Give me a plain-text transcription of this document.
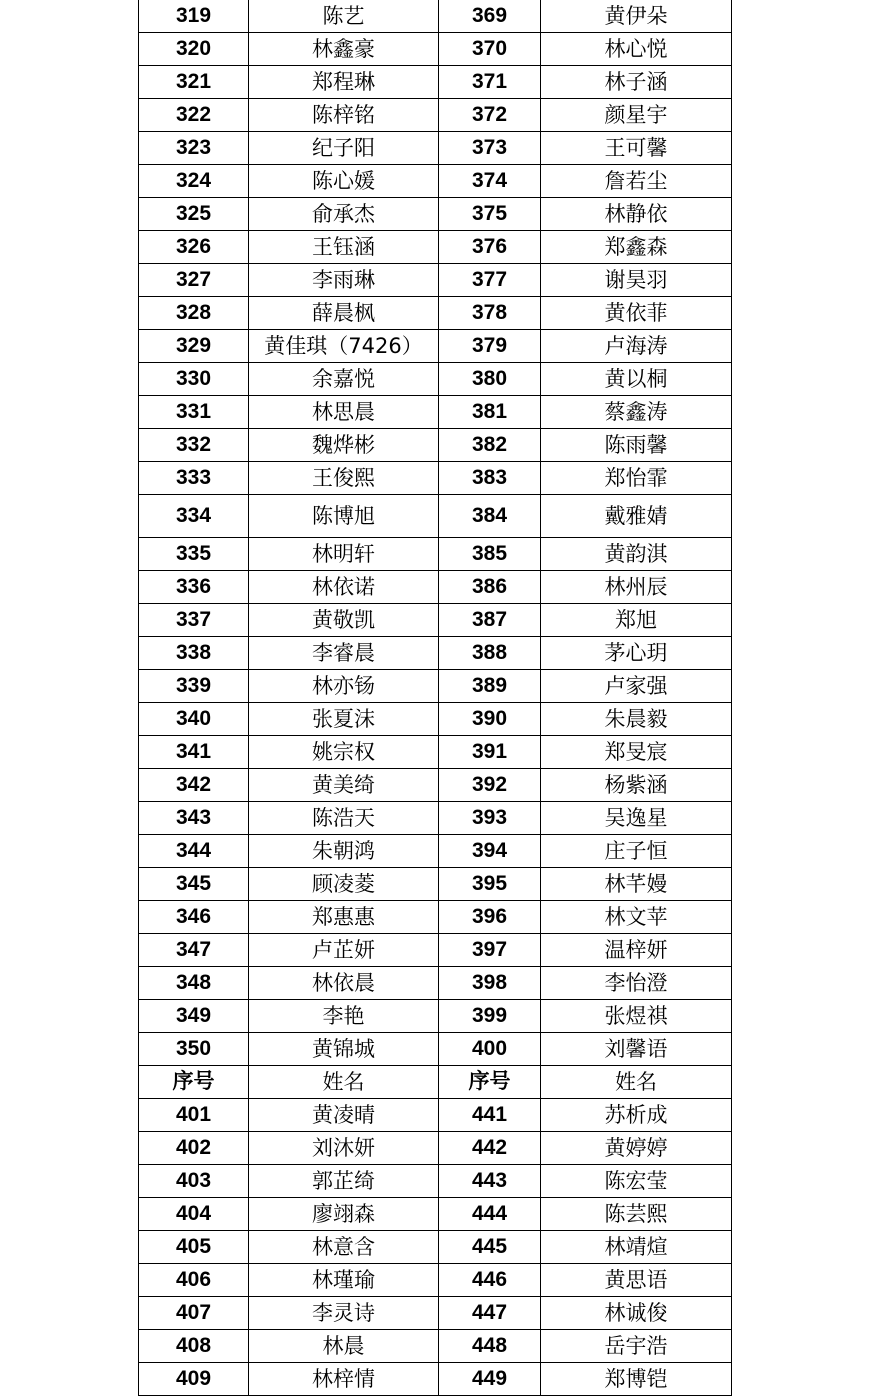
319	陈艺	369	黄伊朵
320	林鑫豪	370	林心悦
321	郑程琳	371	林子涵
322	陈梓铭	372	颜星宇
323	纪子阳	373	王可馨
324	陈心媛	374	詹若尘
325	俞承杰	375	林静依
326	王钰涵	376	郑鑫森
327	李雨琳	377	谢昊羽
328	薛晨枫	378	黄依菲
329	黄佳琪（7426）	379	卢海涛
330	余嘉悦	380	黄以桐
331	林思晨	381	蔡鑫涛
332	魏烨彬	382	陈雨馨
333	王俊熙	383	郑怡霏
334	陈博旭	384	戴雅婧
335	林明轩	385	黄韵淇
336	林依诺	386	林州辰
337	黄敬凯	387	郑旭
338	李睿晨	388	茅心玥
339	林亦钖	389	卢家强
340	张夏沫	390	朱晨毅
341	姚宗权	391	郑旻宸
342	黄美绮	392	杨紫涵
343	陈浩天	393	吴逸星
344	朱朝鸿	394	庄子恒
345	顾凌菱	395	林芊嫚
346	郑惠惠	396	林文苹
347	卢芷妍	397	温梓妍
348	林依晨	398	李怡澄
349	李艳	399	张煜祺
350	黄锦城	400	刘馨语
序号	姓名	序号	姓名
401	黄凌晴	441	苏析成
402	刘沐妍	442	黄婷婷
403	郭芷绮	443	陈宏莹
404	廖翊森	444	陈芸熙
405	林意含	445	林靖煊
406	林瑾瑜	446	黄思语
407	李灵诗	447	林诚俊
408	林晨	448	岳宇浩
409	林梓情	449	郑博铠
